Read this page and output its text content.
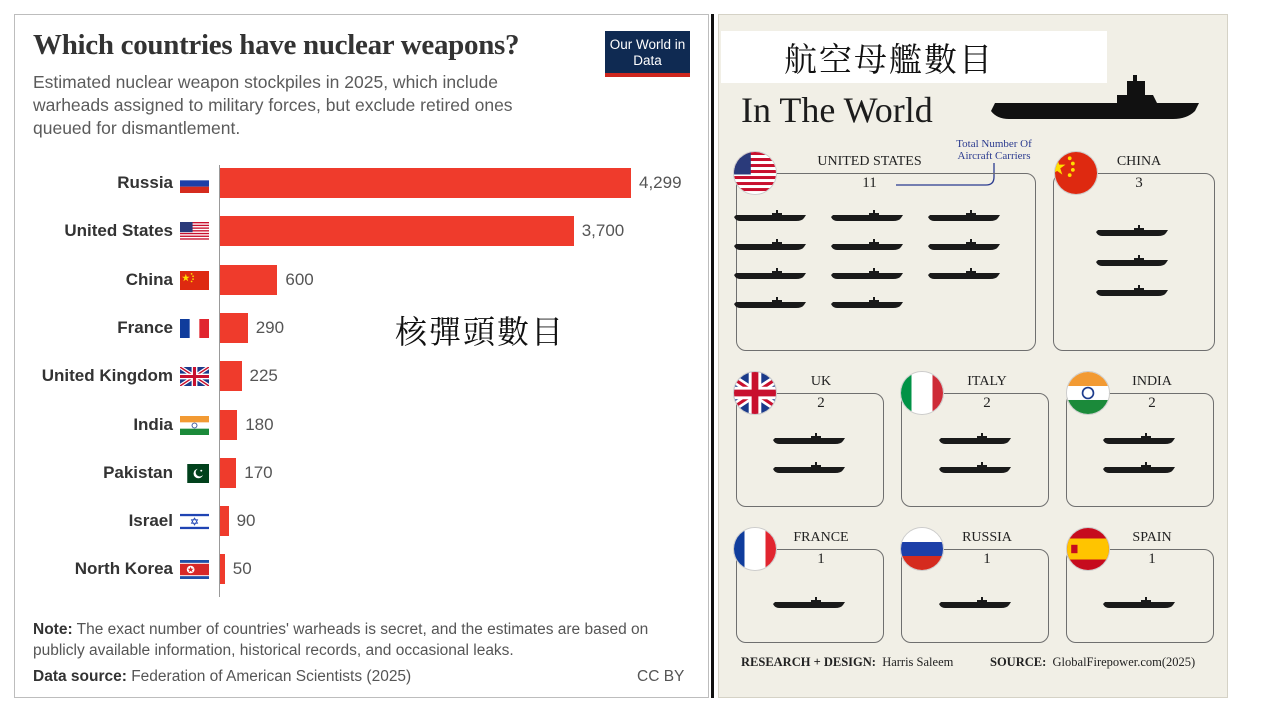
Which countries have nuclear weapons?
Estimated nuclear weapon stockpiles in 2025, which include warheads assigned to military forces, but exclude retired ones queued for dismantlement.
Our World in Data
Russia	4,299
United States	3,700
China	600
France	290
United Kingdom	225
India	180
Pakistan	170
Israel	90
North Korea	50
核彈頭數目
Note: The exact number of countries' warheads is secret, and the estimates are based on publicly available information, historical records, and occasional leaks.
Data source: Federation of American Scientists (2025)	CC BY
航空母艦數目
In The World
Total Number Of Aircraft Carriers
UNITED STATES
11
CHINA
3
UK
2
ITALY
2
INDIA
2
FRANCE
1
RUSSIA
1
SPAIN
1
RESEARCH + DESIGN: Harris Saleem	SOURCE: GlobalFirepower.com(2025)
